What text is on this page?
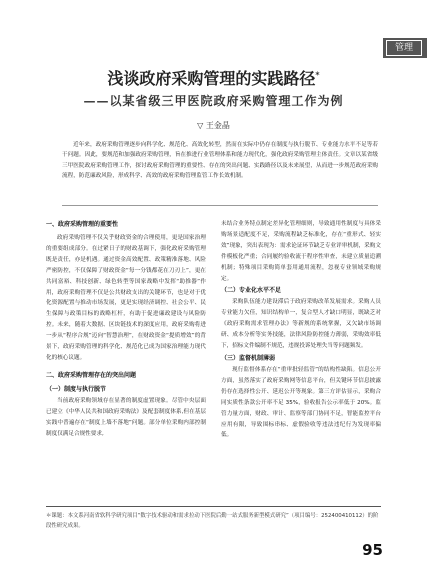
管理
浅谈政府采购管理的实践路径*
——以某省级三甲医院政府采购管理工作为例
▽ 王金晶

近年来，政府采购管理逐步向科学化、规范化、高效化转型，然而在实际中仍存在制度与执行脱节、专业能力水平不足等若干问题。因此，要规范和加强政府采购管理，旨在推进行业管理体系和能力现代化，强化政府采购管理主体责任。文章以某省级三甲医院政府采购管理工作，探讨政府采购管理的重要性、存在的突出问题、实践路径以及未来展望，从而进一步规范政府采购流程，防范廉政风险，形成科学、高效的政府采购管理监管工作长效机制。

一、政府采购管理的重要性

政府采购管理不仅关乎财政资金的合理使用，更是国家治理的重要组成部分。在过紧日子的财政基调下，强化政府采购管理既是责任，亦是机遇。通过资金高效配置、政策精准落地、风险严密防控，不仅保障了财政资金“每一分钱都花在刀刃上”，更在共同富裕、科技创新、绿色转型等国家战略中发挥“助推器”作用，政府采购管理不仅是公共财政支出的关键环节，也是对于优化资源配置与推动市场发展，更是实现经济调控、社会公平、民生保障与政策目标的战略杠杆，有助于促进廉政建设与风险防控。未来，随着大数据、区块链技术的深度应用，政府采购将进一步从“程序合规”迈向“智慧治理”，在财政资金“提质增效”的背景下，政府采购管理的科学化、规范化已成为国家治理能力现代化的核心议题。

二、政府采购管理存在的突出问题
（一）制度与执行脱节

当前政府采购领域存在显著的制度虚置现象。尽管中央层面已建立《中华人民共和国政府采购法》及配套制度体系,但在基层实践中普遍存在“制度上墙不落地”问题。部分单位采购内部控制制度仅满足合规性要求,

未结合业务特点制定差异化管理细则，导致通用性制度与具体采购场景适配度不足，采购流程缺乏标准化，存在“重形式、轻实效”现象，突出表现为：需求论证环节缺乏专业评审机制，采购文件模板化严重；合同履约验收流于程序性审查，未建立质量追溯机制；特殊项目采购简单套用通用流程，忽视专业领域采购规定。

（二）专业化水平不足

采购队伍能力建设滞后于政府采购改革发展需求。采购人员专业能力欠佳，知识结构单一，复合型人才缺口明显，既缺乏对《政府采购需求管理办法》等新规的系统掌握，又欠缺市场调研、成本分析等实务技能，法律风险防控能力薄弱，采购效率低下，招标文件编制不规范，违规投诉处理失当等问题频发。

（三）监督机制薄弱

现行监督体系存在“重审批轻监管”的结构性缺陷。信息公开方面，虽然落实了政府采购网等信息平台，但关键环节信息披露仍存在选择性公开、延迟公开等现象。第三方评估显示，采购合同实质性条款公开率不足 35%，验收报告公示率低于 20%。监管力量方面，财政、审计、监察等部门协同不足，智能监控平台应用有限，导致围标串标、虚假验收等违法违纪行为发现率偏低。

＊课题：本文系河南省软科学研究项目“数字技术驱动和需求拉动下医院后勤一站式服务新型模式研究”（项目编号：252400410112）的阶段性研究成果。

95
